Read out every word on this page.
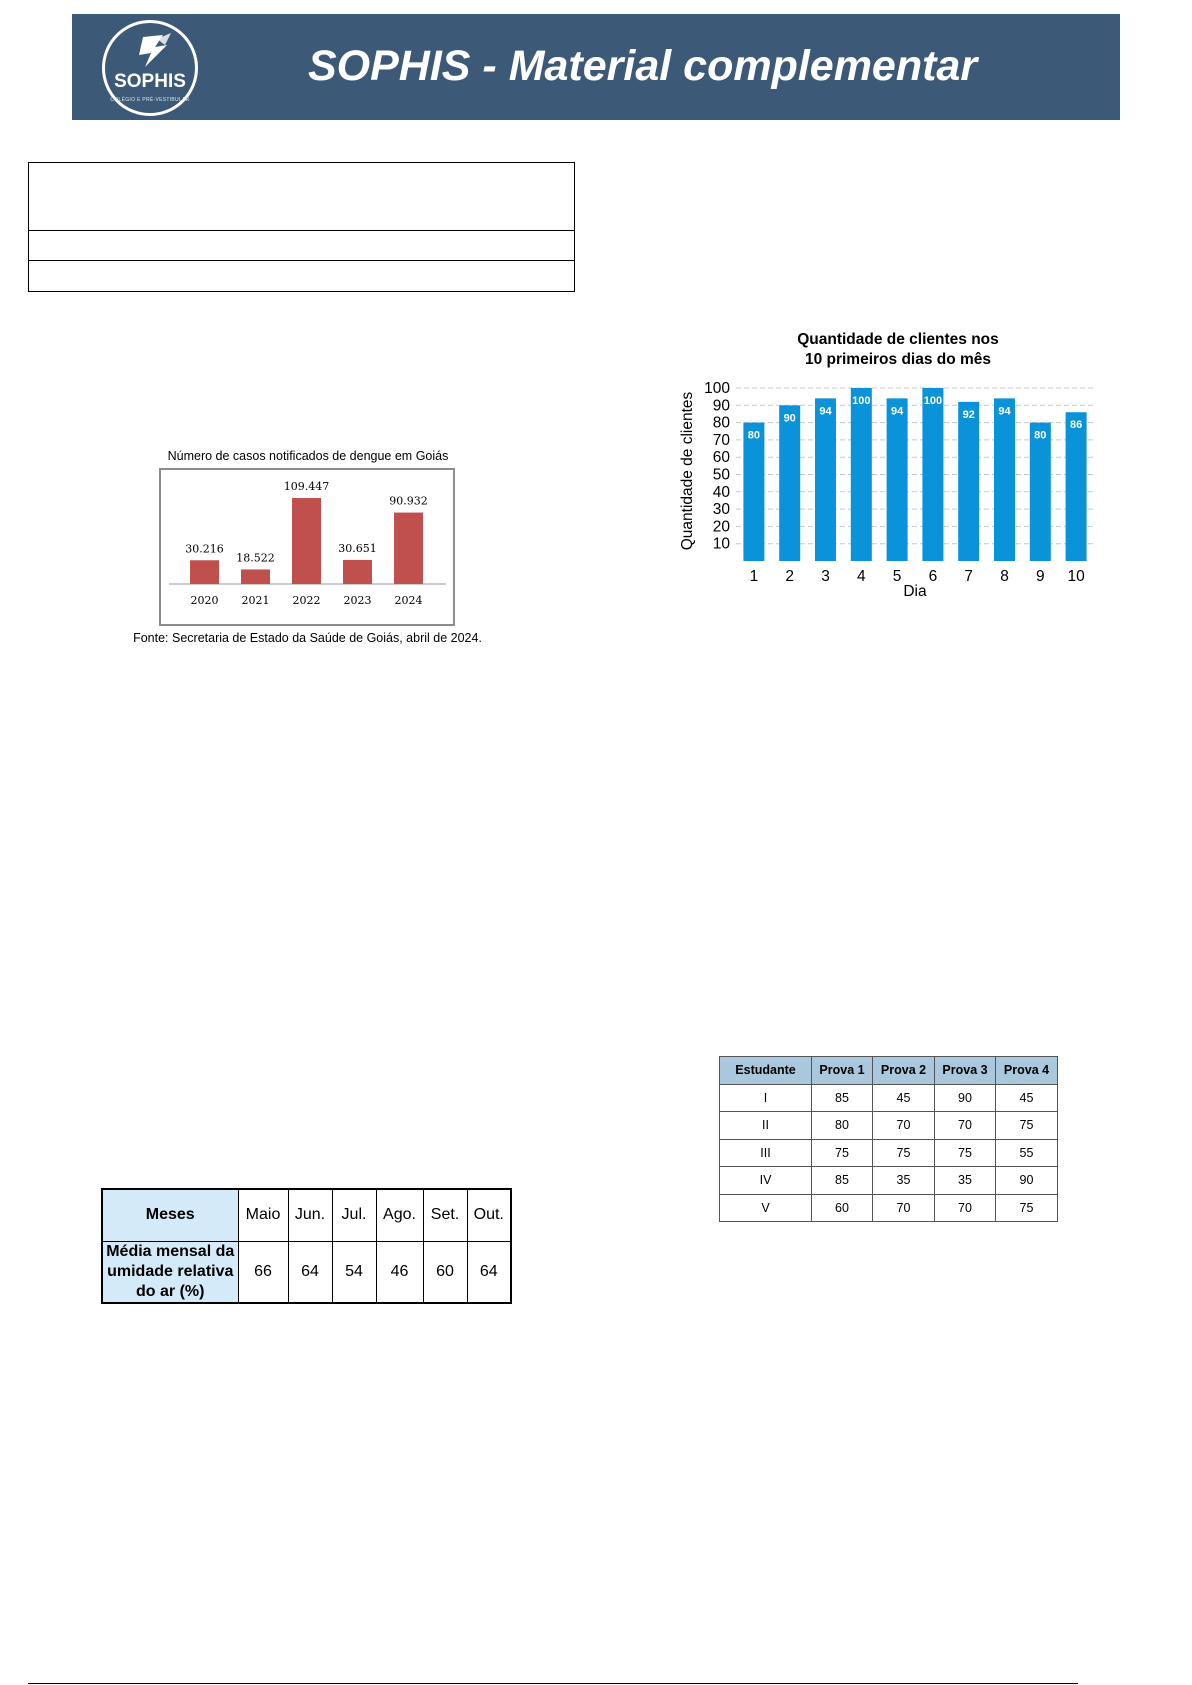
SOPHIS
COLÉGIO E PRÉ-VESTIBULAR
SOPHIS - Material complementar
Número de casos notificados de dengue em Goiás
30.216
2020
18.522
2021
109.447
2022
30.651
2023
90.932
2024
Fonte: Secretaria de Estado da Saúde de Goiás, abril de 2024.
Quantidade de clientes nos
10 primeiros dias do mês
10
20
30
40
50
60
70
80
90
100
80
1
90
2
94
3
100
4
94
5
100
6
92
7
94
8
80
9
86
10
Dia
Quantidade de clientes
Meses	Maio	Jun.	Jul.	Ago.	Set.	Out.

Média mensal da
umidade relativa
do ar (%)	66	64	54	46	60	64
Estudante	Prova 1	Prova 2	Prova 3	Prova 4
I	85	45	90	45
II	80	70	70	75
III	75	75	75	55
IV	85	35	35	90
V	60	70	70	75
